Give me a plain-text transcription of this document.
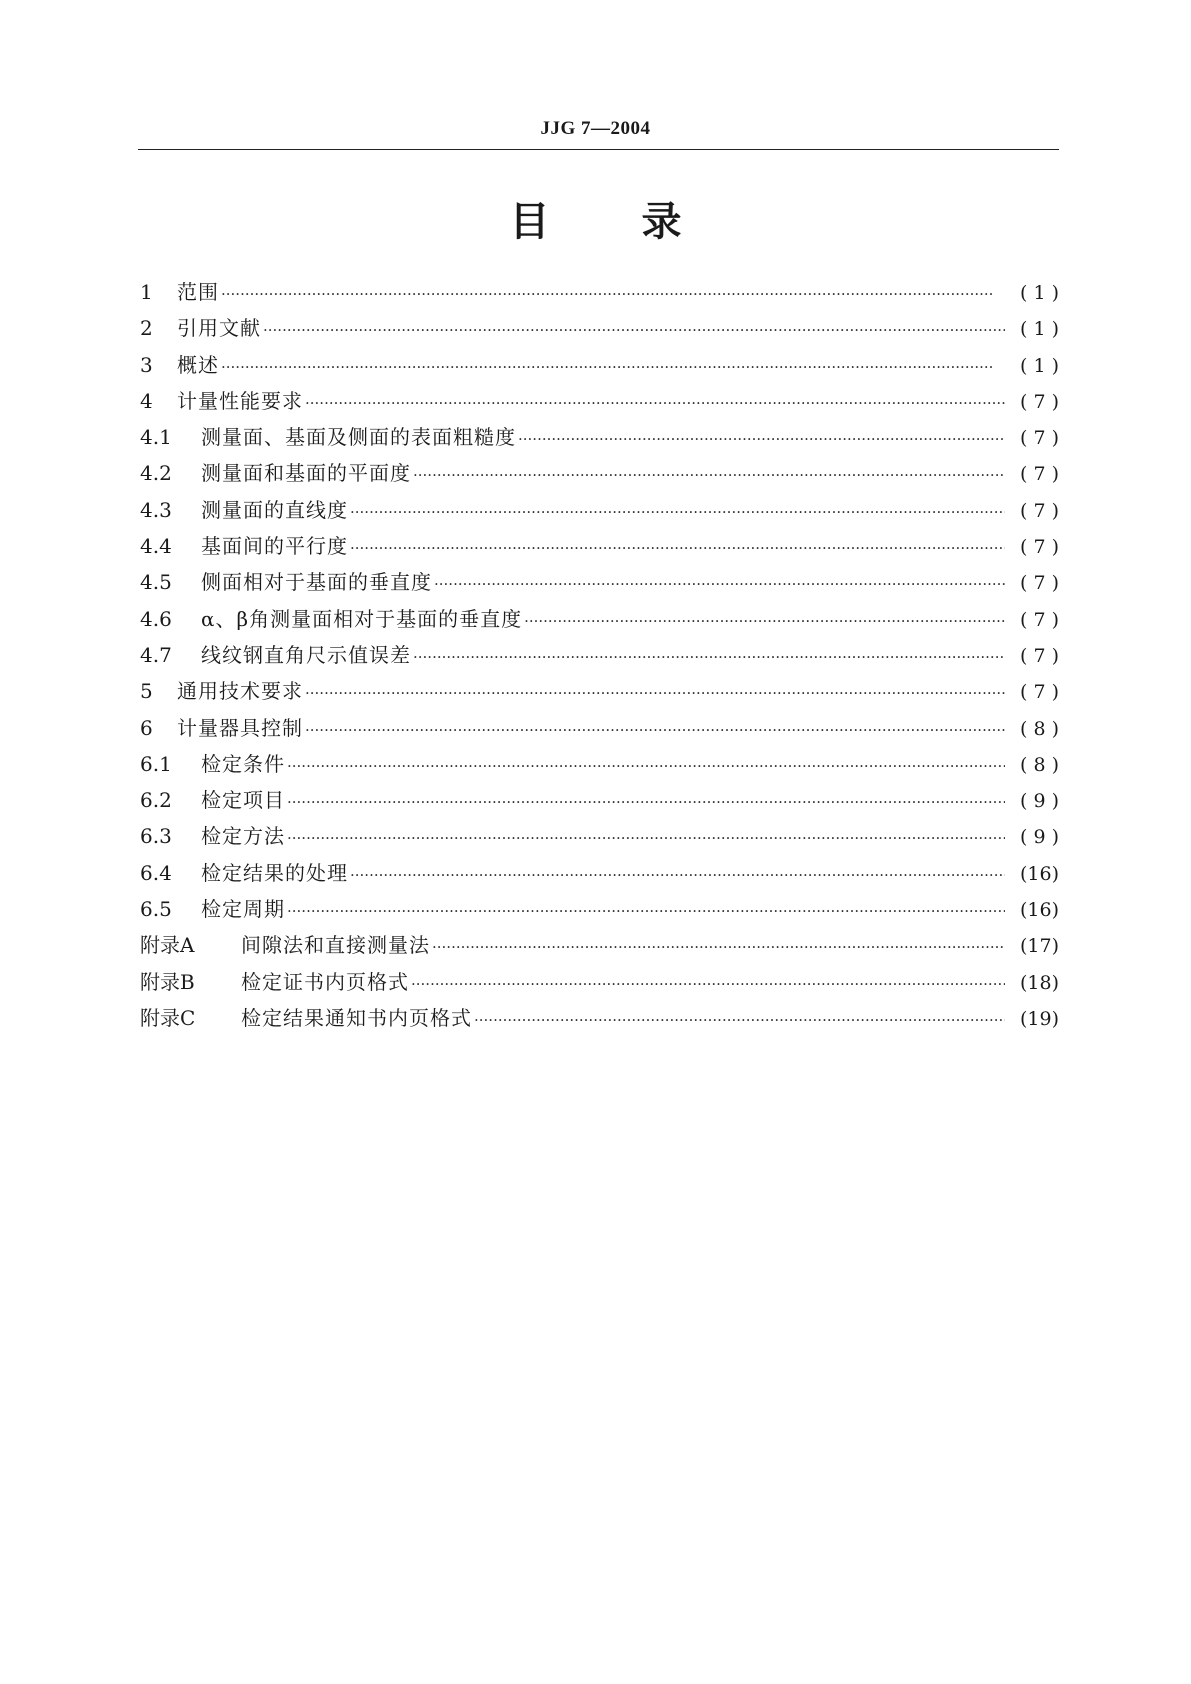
JJG 7—2004
目 录
1	范围 ·····	( 1 )
2	引用文献 ·····	( 1 )
3	概述 ·····	( 1 )
4	计量性能要求 ·····	( 7 )
4.1	测量面、基面及侧面的表面粗糙度 ·····	( 7 )
4.2	测量面和基面的平面度 ·····	( 7 )
4.3	测量面的直线度 ·····	( 7 )
4.4	基面间的平行度 ·····	( 7 )
4.5	侧面相对于基面的垂直度 ·····	( 7 )
4.6	α、β角测量面相对于基面的垂直度 ·····	( 7 )
4.7	线纹钢直角尺示值误差 ·····	( 7 )
5	通用技术要求 ·····	( 7 )
6	计量器具控制 ·····	( 8 )
6.1	检定条件 ·····	( 8 )
6.2	检定项目 ·····	( 9 )
6.3	检定方法 ·····	( 9 )
6.4	检定结果的处理 ·····	(16)
6.5	检定周期 ·····	(16)
附录A	间隙法和直接测量法 ·····	(17)
附录B	检定证书内页格式 ·····	(18)
附录C	检定结果通知书内页格式 ·····	(19)
